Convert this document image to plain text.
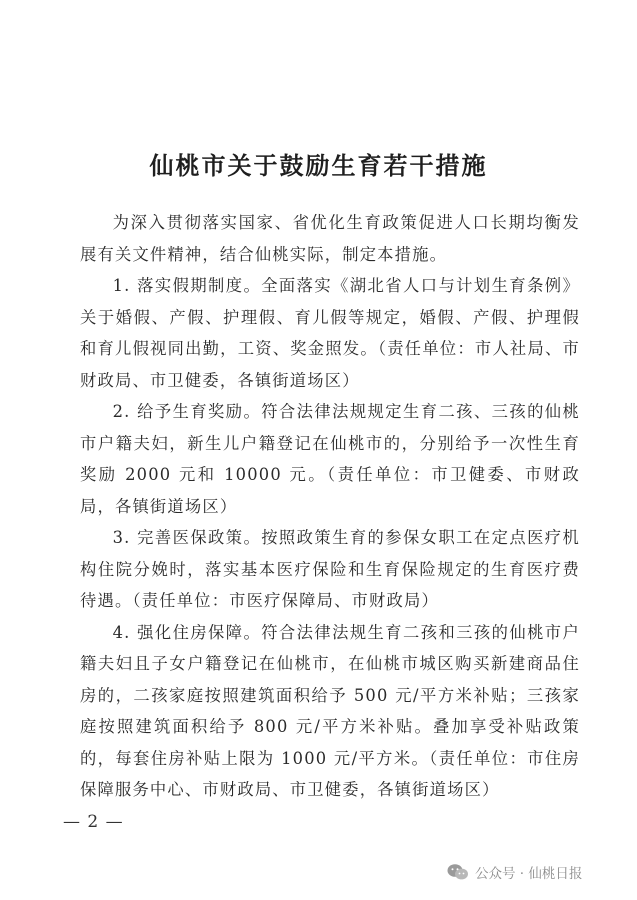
仙桃市关于鼓励生育若干措施

为深入贯彻落实国家、省优化生育政策促进人口长期均衡发展有关文件精神，结合仙桃实际，制定本措施。

1. 落实假期制度。全面落实《湖北省人口与计划生育条例》关于婚假、产假、护理假、育儿假等规定，婚假、产假、护理假和育儿假视同出勤，工资、奖金照发。（责任单位：市人社局、市财政局、市卫健委，各镇街道场区）

2. 给予生育奖励。符合法律法规规定生育二孩、三孩的仙桃市户籍夫妇，新生儿户籍登记在仙桃市的，分别给予一次性生育奖励 2000 元和 10000 元。（责任单位：市卫健委、市财政局，各镇街道场区）

3. 完善医保政策。按照政策生育的参保女职工在定点医疗机构住院分娩时，落实基本医疗保险和生育保险规定的生育医疗费待遇。（责任单位：市医疗保障局、市财政局）

4. 强化住房保障。符合法律法规生育二孩和三孩的仙桃市户籍夫妇且子女户籍登记在仙桃市，在仙桃市城区购买新建商品住房的，二孩家庭按照建筑面积给予 500 元/平方米补贴；三孩家庭按照建筑面积给予 800 元/平方米补贴。叠加享受补贴政策的，每套住房补贴上限为 1000 元/平方米。（责任单位：市住房保障服务中心、市财政局、市卫健委，各镇街道场区）

— 2 —
公众号 · 仙桃日报
